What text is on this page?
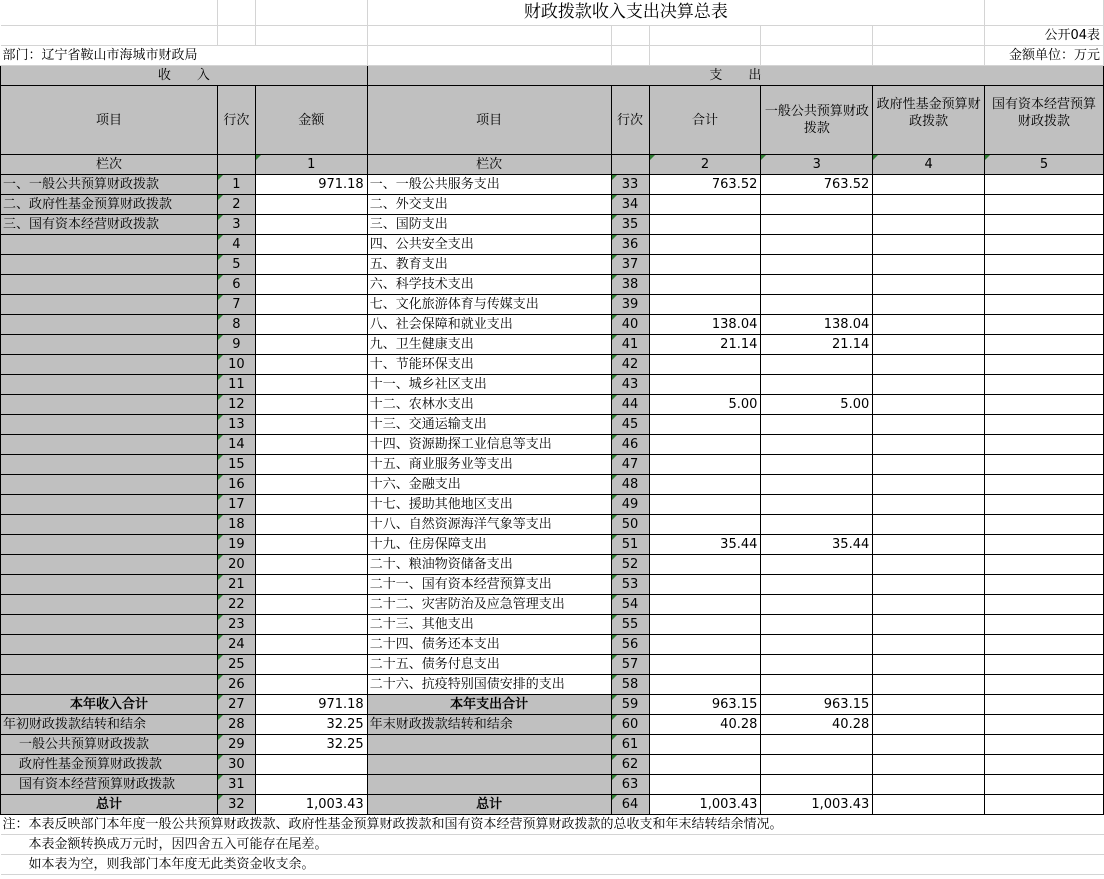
			财政拨款收入支出决算总表					
								公开04表
部门：辽宁省鞍山市海城市财政局								金额单位：万元
收　　入			支　　出					
项目	行次	金额	项目	行次	合计	一般公共预算财政拨款	政府性基金预算财政拨款	国有资本经营预算财政拨款
栏次		1	栏次		2	3	4	5
一、一般公共预算财政拨款	1	971.18	一、一般公共服务支出	33	763.52	763.52		
二、政府性基金预算财政拨款	2		二、外交支出	34				
三、国有资本经营财政拨款	3		三、国防支出	35				
	4		四、公共安全支出	36				
	5		五、教育支出	37				
	6		六、科学技术支出	38				
	7		七、文化旅游体育与传媒支出	39				
	8		八、社会保障和就业支出	40	138.04	138.04		
	9		九、卫生健康支出	41	21.14	21.14		
	10		十、节能环保支出	42				
	11		十一、城乡社区支出	43				
	12		十二、农林水支出	44	5.00	5.00		
	13		十三、交通运输支出	45				
	14		十四、资源勘探工业信息等支出	46				
	15		十五、商业服务业等支出	47				
	16		十六、金融支出	48				
	17		十七、援助其他地区支出	49				
	18		十八、自然资源海洋气象等支出	50				
	19		十九、住房保障支出	51	35.44	35.44		
	20		二十、粮油物资储备支出	52				
	21		二十一、国有资本经营预算支出	53				
	22		二十二、灾害防治及应急管理支出	54				
	23		二十三、其他支出	55				
	24		二十四、债务还本支出	56				
	25		二十五、债务付息支出	57				
	26		二十六、抗疫特别国债安排的支出	58				
本年收入合计	27	971.18	本年支出合计	59	963.15	963.15		
年初财政拨款结转和结余	28	32.25	年末财政拨款结转和结余	60	40.28	40.28		
一般公共预算财政拨款	29	32.25		61				
政府性基金预算财政拨款	30			62				
国有资本经营预算财政拨款	31			63				
总计	32	1,003.43	总计	64	1,003.43	1,003.43		
注：本表反映部门本年度一般公共预算财政拨款、政府性基金预算财政拨款和国有资本经营预算财政拨款的总收支和年末结转结余情况。								
　　本表金额转换成万元时，因四舍五入可能存在尾差。								
　　如本表为空，则我部门本年度无此类资金收支余。								
